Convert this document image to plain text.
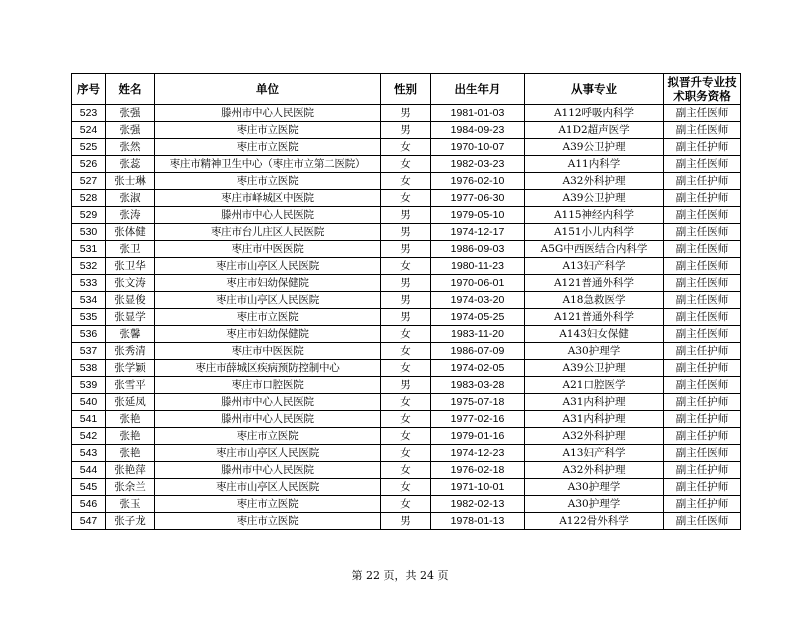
序号	姓名	单位	性别	出生年月	从事专业	拟晋升专业技术职务资格
523	张强	滕州市中心人民医院	男	1981-01-03	A112呼吸内科学	副主任医师
524	张强	枣庄市立医院	男	1984-09-23	A1D2超声医学	副主任医师
525	张然	枣庄市立医院	女	1970-10-07	A39公卫护理	副主任护师
526	张蕊	枣庄市精神卫生中心（枣庄市立第二医院）	女	1982-03-23	A11内科学	副主任医师
527	张士琳	枣庄市立医院	女	1976-02-10	A32外科护理	副主任护师
528	张淑	枣庄市峄城区中医院	女	1977-06-30	A39公卫护理	副主任护师
529	张涛	滕州市中心人民医院	男	1979-05-10	A115神经内科学	副主任医师
530	张体健	枣庄市台儿庄区人民医院	男	1974-12-17	A151小儿内科学	副主任医师
531	张卫	枣庄市中医医院	男	1986-09-03	A5G中西医结合内科学	副主任医师
532	张卫华	枣庄市山亭区人民医院	女	1980-11-23	A13妇产科学	副主任医师
533	张文涛	枣庄市妇幼保健院	男	1970-06-01	A121普通外科学	副主任医师
534	张显俊	枣庄市山亭区人民医院	男	1974-03-20	A18急救医学	副主任医师
535	张显学	枣庄市立医院	男	1974-05-25	A121普通外科学	副主任医师
536	张馨	枣庄市妇幼保健院	女	1983-11-20	A143妇女保健	副主任医师
537	张秀清	枣庄市中医医院	女	1986-07-09	A30护理学	副主任护师
538	张学颖	枣庄市薛城区疾病预防控制中心	女	1974-02-05	A39公卫护理	副主任护师
539	张雪平	枣庄市口腔医院	男	1983-03-28	A21口腔医学	副主任医师
540	张延凤	滕州市中心人民医院	女	1975-07-18	A31内科护理	副主任护师
541	张艳	滕州市中心人民医院	女	1977-02-16	A31内科护理	副主任护师
542	张艳	枣庄市立医院	女	1979-01-16	A32外科护理	副主任护师
543	张艳	枣庄市山亭区人民医院	女	1974-12-23	A13妇产科学	副主任医师
544	张艳萍	滕州市中心人民医院	女	1976-02-18	A32外科护理	副主任护师
545	张余兰	枣庄市山亭区人民医院	女	1971-10-01	A30护理学	副主任护师
546	张玉	枣庄市立医院	女	1982-02-13	A30护理学	副主任护师
547	张子龙	枣庄市立医院	男	1978-01-13	A122骨外科学	副主任医师
第 22 页，共 24 页
